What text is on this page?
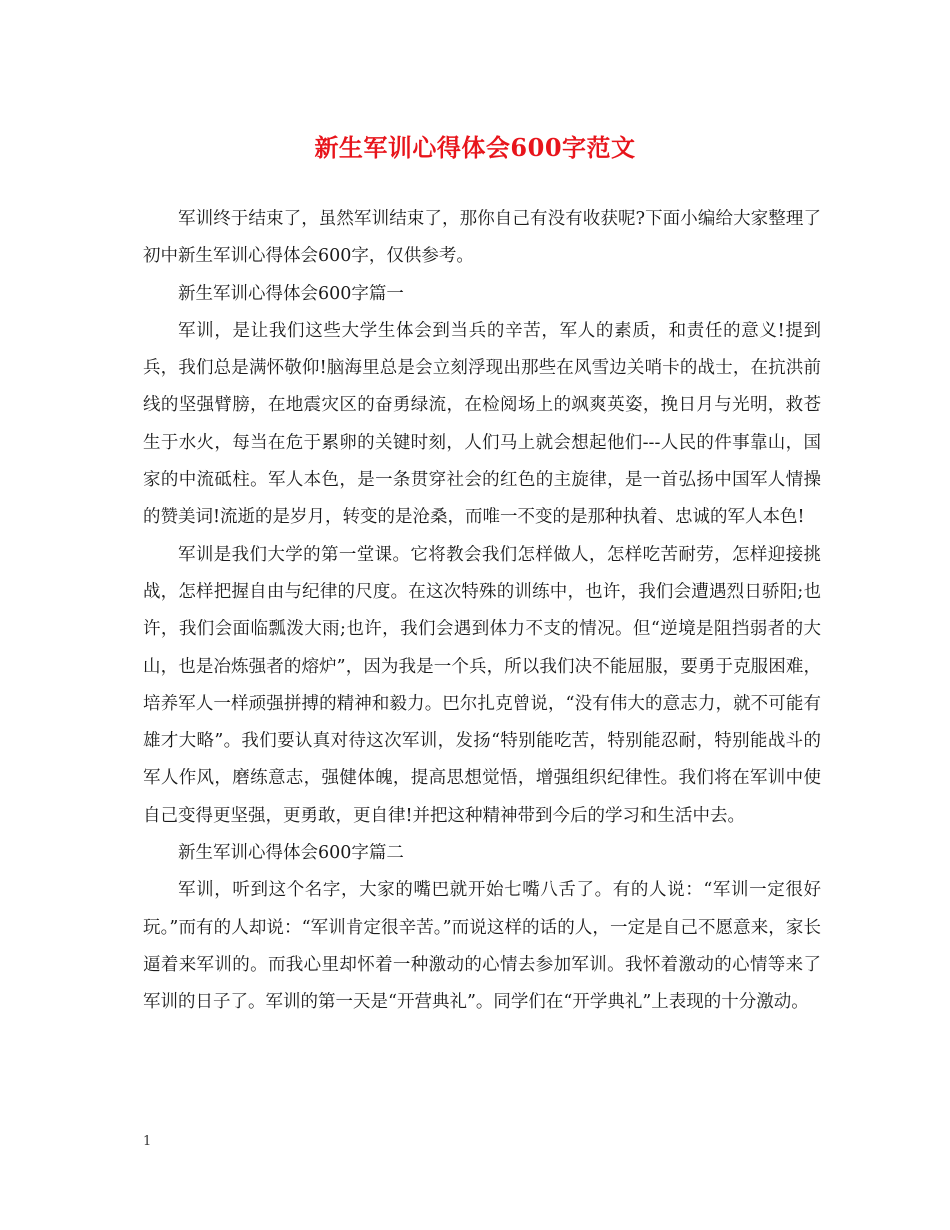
新生军训心得体会600字范文

军训终于结束了，虽然军训结束了，那你自己有没有收获呢?下面小编给大家整理了初中新生军训心得体会600字，仅供参考。

新生军训心得体会600字篇一

军训，是让我们这些大学生体会到当兵的辛苦，军人的素质，和责任的意义!提到兵，我们总是满怀敬仰!脑海里总是会立刻浮现出那些在风雪边关哨卡的战士，在抗洪前线的坚强臂膀，在地震灾区的奋勇绿流，在检阅场上的飒爽英姿，挽日月与光明，救苍生于水火，每当在危于累卵的关键时刻，人们马上就会想起他们---人民的件事靠山，国家的中流砥柱。军人本色，是一条贯穿社会的红色的主旋律，是一首弘扬中国军人情操的赞美词!流逝的是岁月，转变的是沧桑，而唯一不变的是那种执着、忠诚的军人本色!

军训是我们大学的第一堂课。它将教会我们怎样做人，怎样吃苦耐劳，怎样迎接挑战，怎样把握自由与纪律的尺度。在这次特殊的训练中，也许，我们会遭遇烈日骄阳;也许，我们会面临瓢泼大雨;也许，我们会遇到体力不支的情况。但“逆境是阻挡弱者的大山，也是冶炼强者的熔炉”，因为我是一个兵，所以我们决不能屈服，要勇于克服困难，培养军人一样顽强拼搏的精神和毅力。巴尔扎克曾说，“没有伟大的意志力，就不可能有雄才大略”。我们要认真对待这次军训，发扬“特别能吃苦，特别能忍耐，特别能战斗的军人作风，磨练意志，强健体魄，提高思想觉悟，增强组织纪律性。我们将在军训中使自己变得更坚强，更勇敢，更自律!并把这种精神带到今后的学习和生活中去。

新生军训心得体会600字篇二

军训，听到这个名字，大家的嘴巴就开始七嘴八舌了。有的人说：“军训一定很好玩。”而有的人却说：“军训肯定很辛苦。”而说这样的话的人，一定是自己不愿意来，家长逼着来军训的。而我心里却怀着一种激动的心情去参加军训。我怀着激动的心情等来了军训的日子了。军训的第一天是“开营典礼”。同学们在“开学典礼”上表现的十分激动。

1
